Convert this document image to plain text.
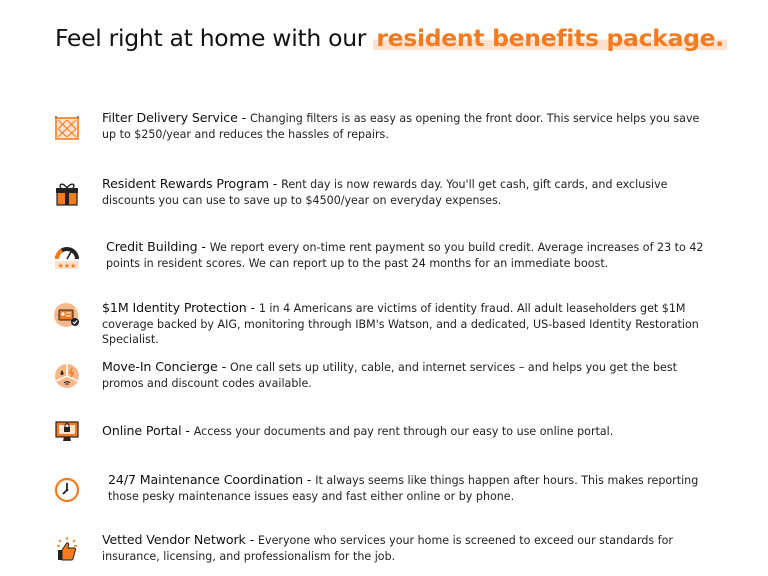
Feel right at home with our resident benefits package.
Filter Delivery Service - Changing filters is as easy as opening the front door. This service helps you save up to $250/year and reduces the hassles of repairs.
Resident Rewards Program - Rent day is now rewards day. You'll get cash, gift cards, and exclusive discounts you can use to save up to $4500/year on everyday expenses.
★★★
Credit Building - We report every on-time rent payment so you build credit. Average increases of 23 to 42 points in resident scores. We can report up to the past 24 months for an immediate boost.
$1M Identity Protection - 1 in 4 Americans are victims of identity fraud. All adult leaseholders get $1M coverage backed by AIG, monitoring through IBM's Watson, and a dedicated, US-based Identity Restoration Specialist.
Move-In Concierge - One call sets up utility, cable, and internet services – and helps you get the best promos and discount codes available.
Online Portal - Access your documents and pay rent through our easy to use online portal.
24/7 Maintenance Coordination - It always seems like things happen after hours. This makes reporting those pesky maintenance issues easy and fast either online or by phone.
Vetted Vendor Network - Everyone who services your home is screened to exceed our standards for insurance, licensing, and professionalism for the job.
